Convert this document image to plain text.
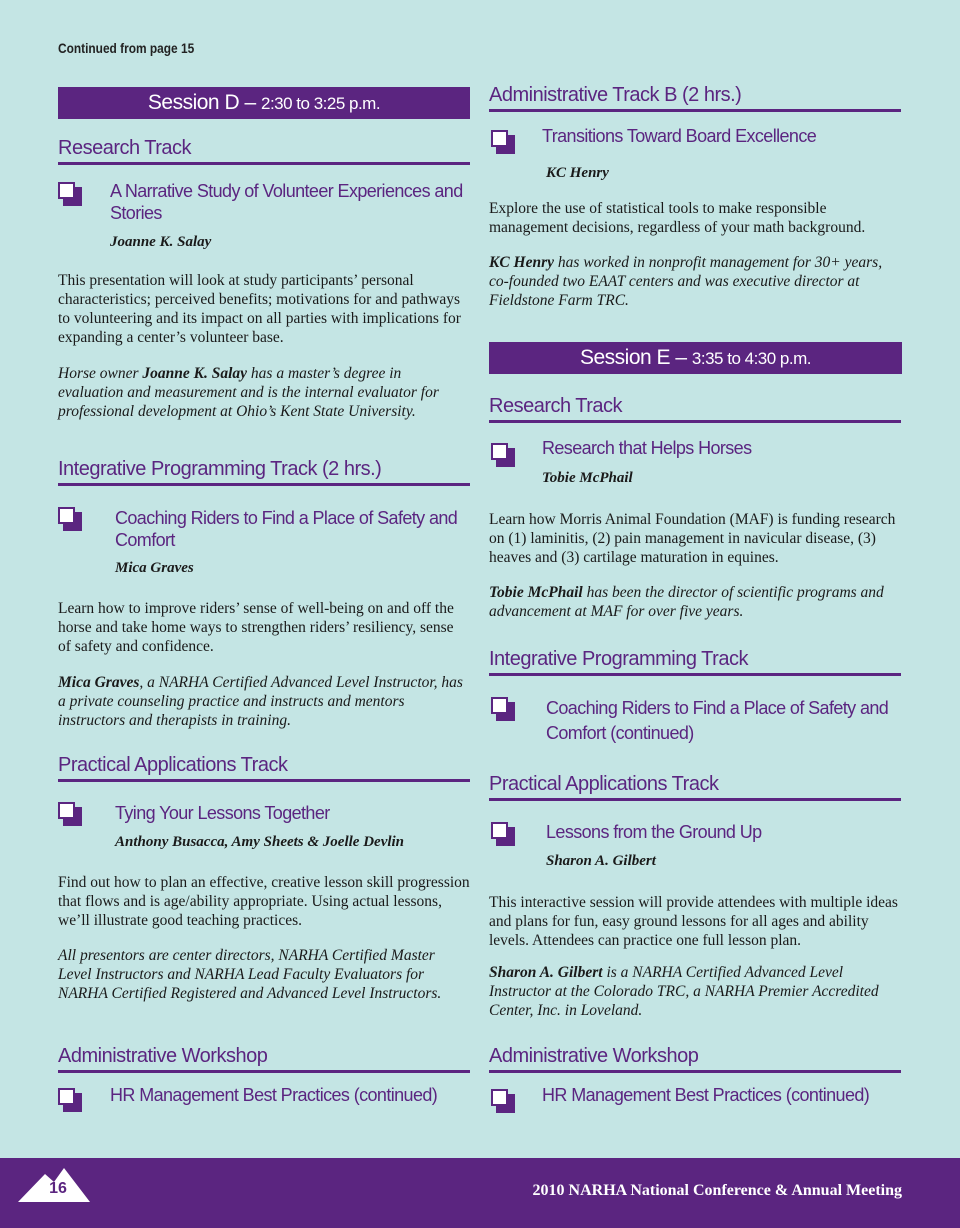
Continued from page 15
Session D – 2:30 to 3:25 p.m.
Research Track
A Narrative Study of Volunteer Experiences and Stories
Joanne K. Salay
This presentation will look at study participants’ personal characteristics; perceived benefits; motivations for and pathways to volunteering and its impact on all parties with implications for expanding a center’s volunteer base.
Horse owner Joanne K. Salay has a master’s degree in evaluation and measurement and is the internal evaluator for professional development at Ohio’s Kent State University.
Integrative Programming Track (2 hrs.)
Coaching Riders to Find a Place of Safety and Comfort
Mica Graves
Learn how to improve riders’ sense of well-being on and off the horse and take home ways to strengthen riders’ resiliency, sense of safety and confidence.
Mica Graves, a NARHA Certified Advanced Level Instructor, has a private counseling practice and instructs and mentors instructors and therapists in training.
Practical Applications Track
Tying Your Lessons Together
Anthony Busacca, Amy Sheets & Joelle Devlin
Find out how to plan an effective, creative lesson skill progression that flows and is age/ability appropriate. Using actual lessons, we’ll illustrate good teaching practices.
All presentors are center directors, NARHA Certified Master Level Instructors and NARHA Lead Faculty Evaluators for NARHA Certified Registered and Advanced Level Instructors.
Administrative Workshop
HR Management Best Practices (continued)
Administrative Track B (2 hrs.)
Transitions Toward Board Excellence
KC Henry
Explore the use of statistical tools to make responsible management decisions, regardless of your math background.
KC Henry has worked in nonprofit management for 30+ years, co-founded two EAAT centers and was executive director at Fieldstone Farm TRC.
Session E – 3:35 to 4:30 p.m.
Research Track
Research that Helps Horses
Tobie McPhail
Learn how Morris Animal Foundation (MAF) is funding research on (1) laminitis, (2) pain management in navicular disease, (3) heaves and (3) cartilage maturation in equines.
Tobie McPhail has been the director of scientific programs and advancement at MAF for over five years.
Integrative Programming Track
Coaching Riders to Find a Place of Safety and Comfort (continued)
Practical Applications Track
Lessons from the Ground Up
Sharon A. Gilbert
This interactive session will provide attendees with multiple ideas and plans for fun, easy ground lessons for all ages and ability levels. Attendees can practice one full lesson plan.
Sharon A. Gilbert is a NARHA Certified Advanced Level Instructor at the Colorado TRC, a NARHA Premier Accredited Center, Inc. in Loveland.
Administrative Workshop
HR Management Best Practices (continued)
2010 NARHA National Conference & Annual Meeting
16
